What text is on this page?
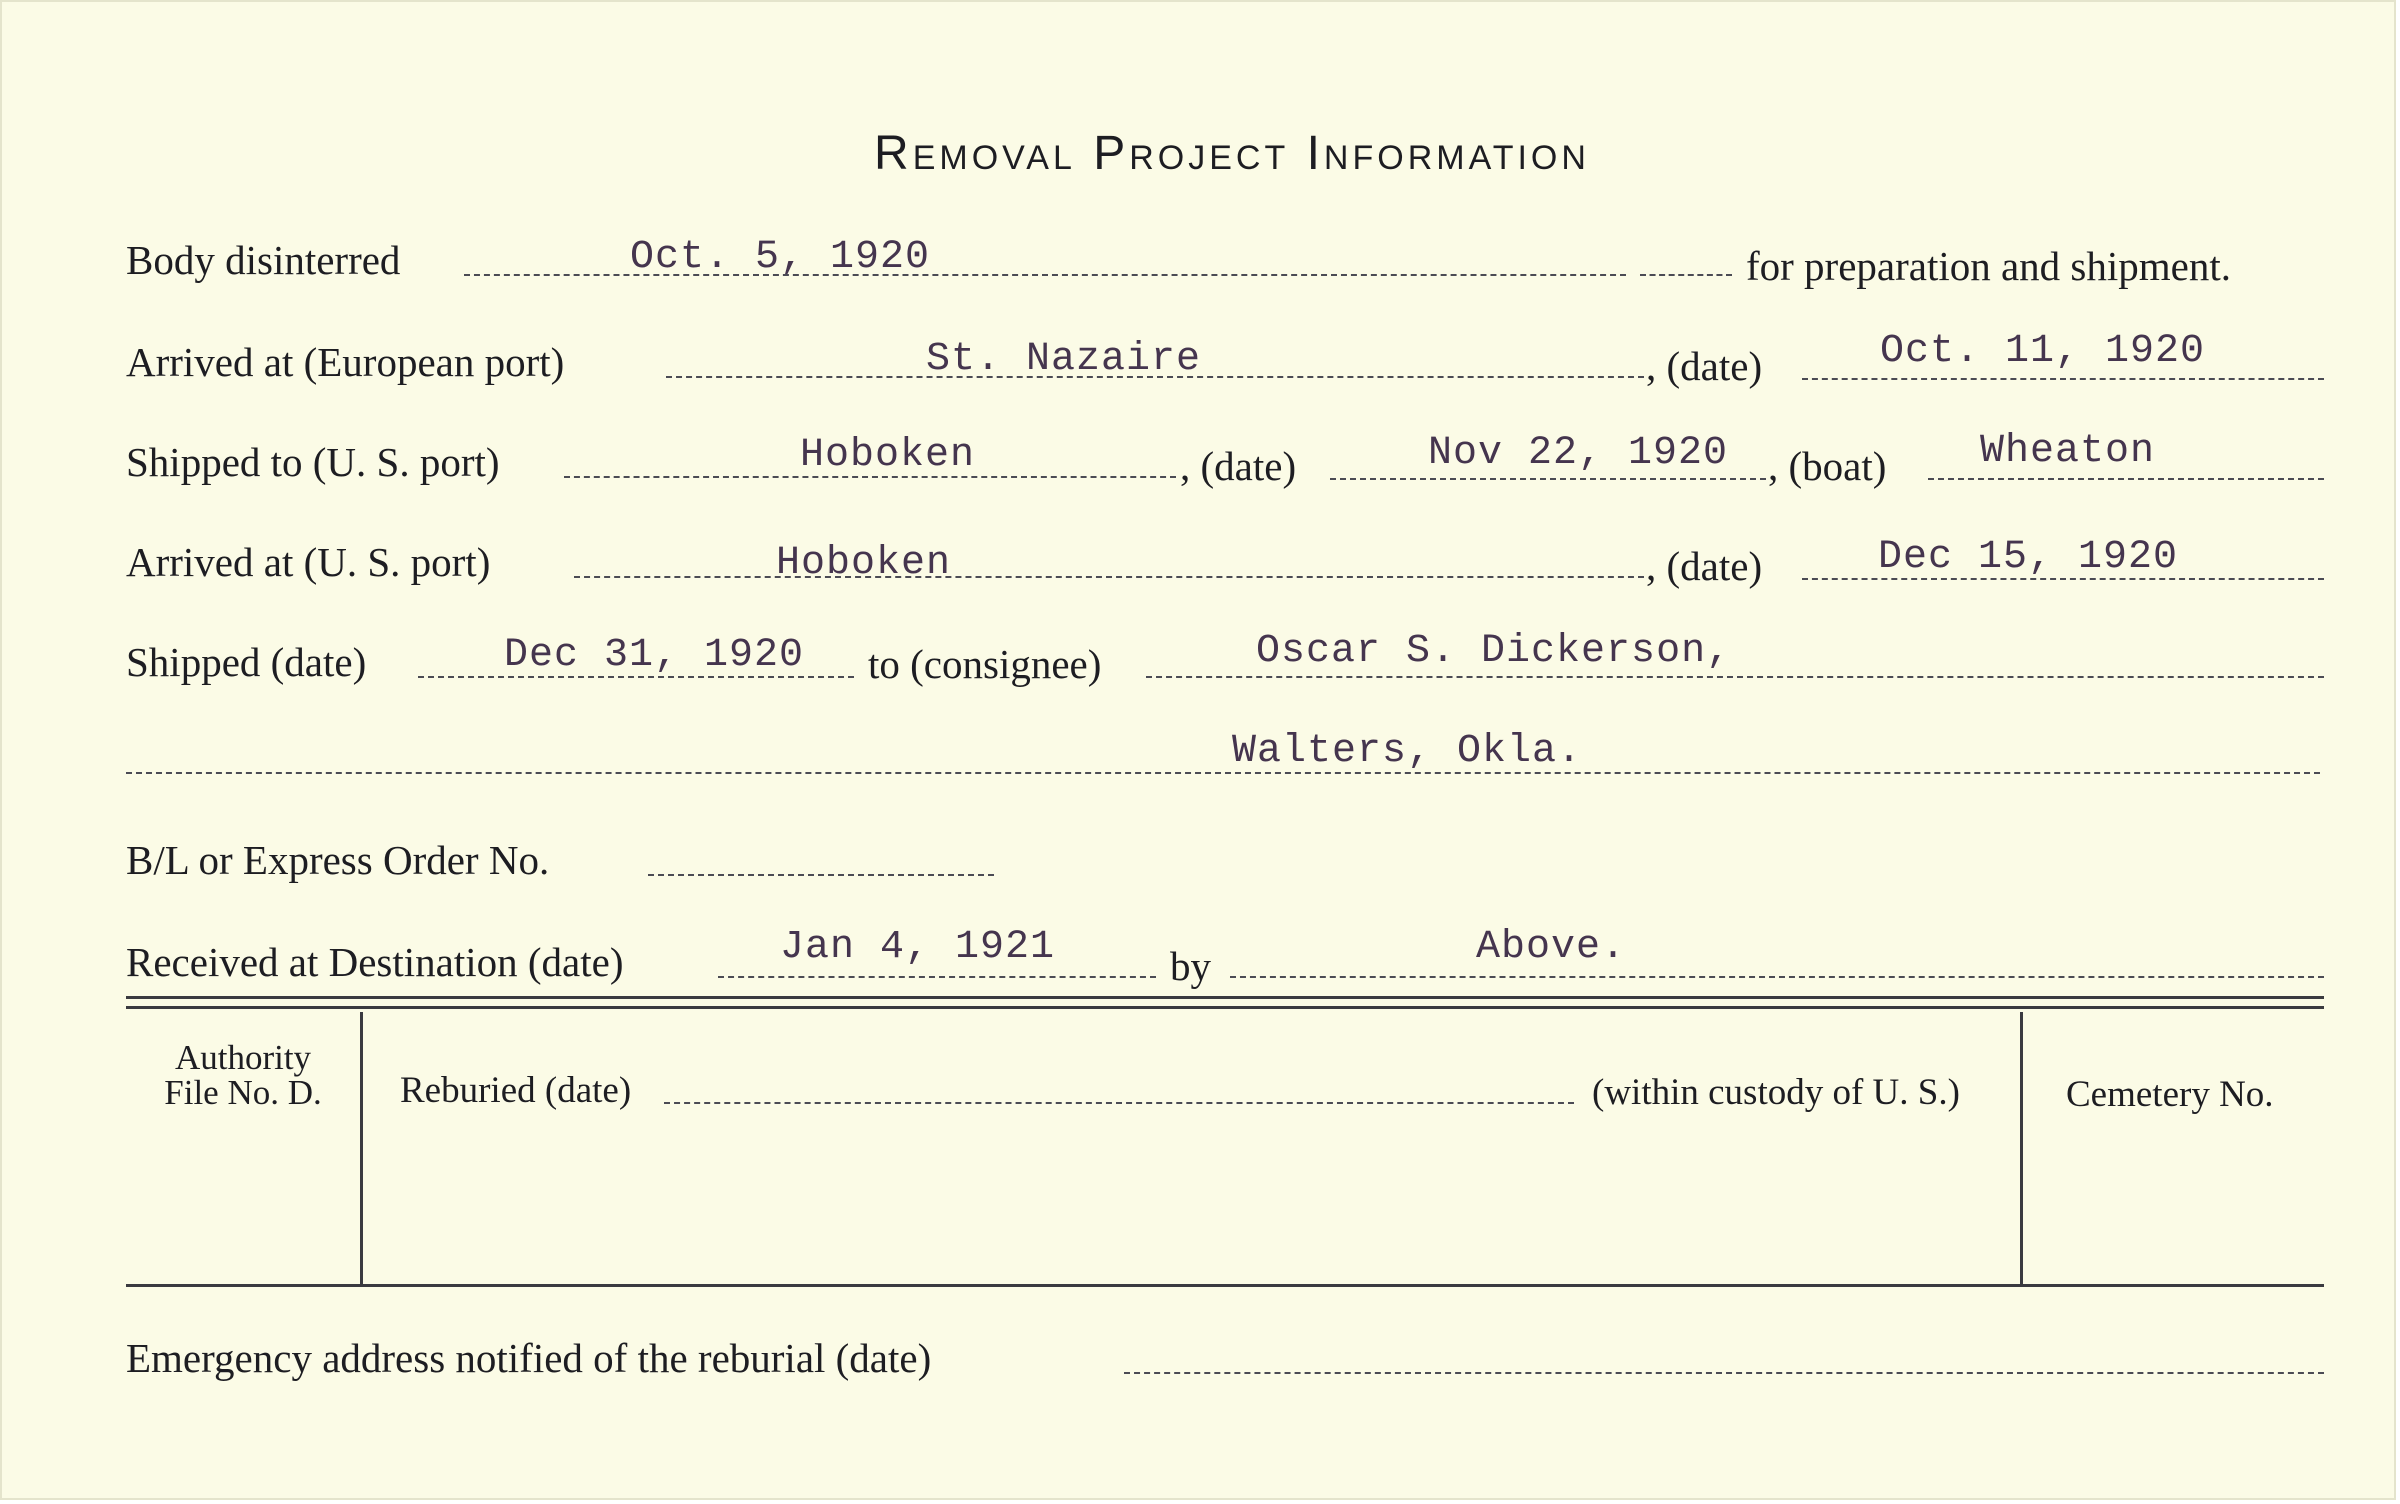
Removal Project Information
Body disinterred	Oct. 5, 1920	for preparation and shipment.
Arrived at (European port)	St. Nazaire	, (date)	Oct. 11, 1920
Shipped to (U. S. port)	Hoboken	, (date)	Nov 22, 1920 , (boat) Wheaton
Arrived at (U. S. port)	Hoboken	, (date)	Dec 15, 1920
Shipped (date)	Dec 31, 1920 to (consignee)	Oscar S. Dickerson,
Walters, Okla.
B/L or Express Order No.
Received at Destination (date)	Jan 4, 1921	by	Above.
Authority
File No. D.	Reburied (date)	(within custody of U. S.)	Cemetery No.
Emergency address notified of the reburial (date)
